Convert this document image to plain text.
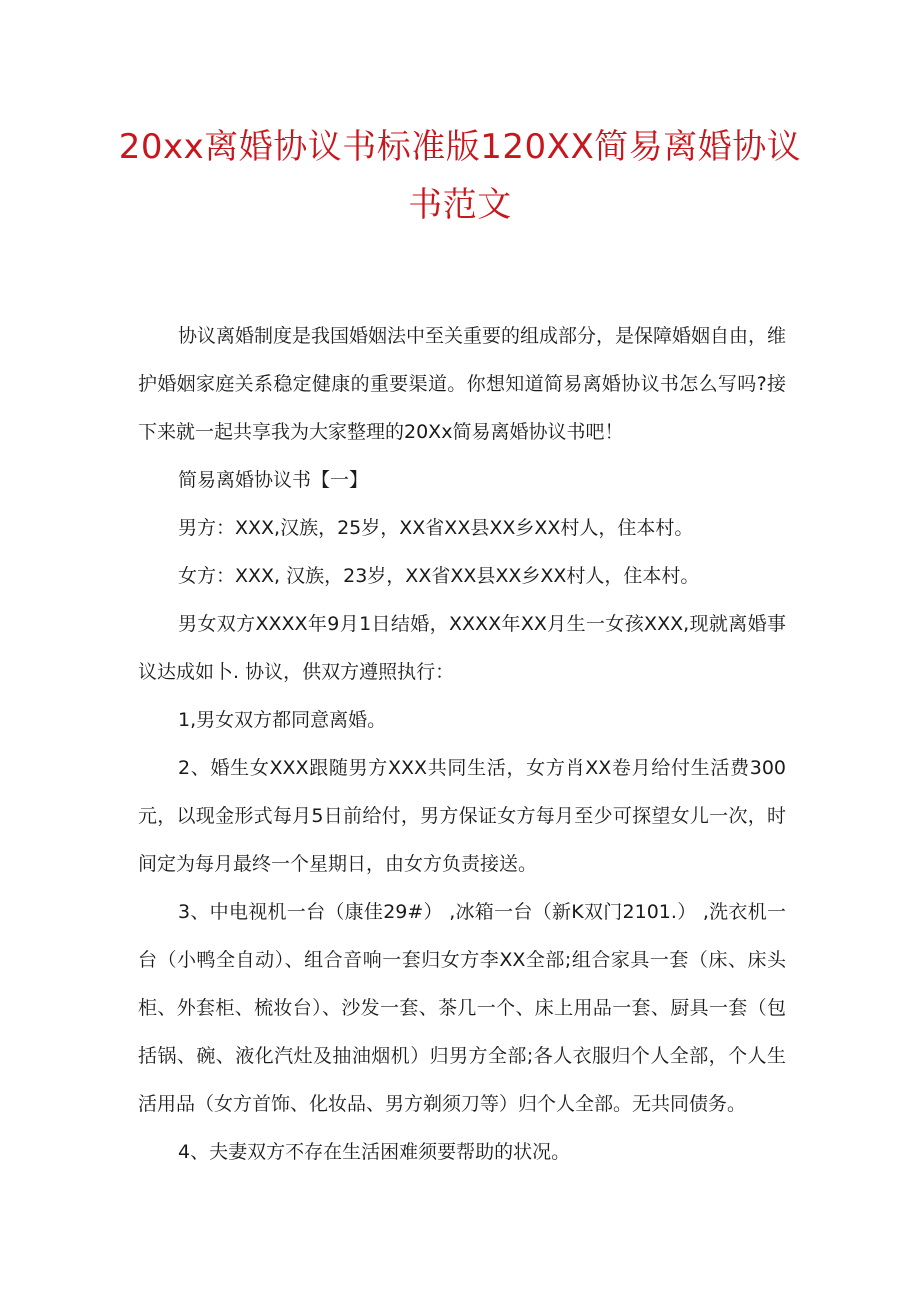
20xx离婚协议书标准版120XX简易离婚协议
书范文

协议离婚制度是我国婚姻法中至关重要的组成部分，是保障婚姻自由，维护婚姻家庭关系稳定健康的重要渠道。你想知道简易离婚协议书怎么写吗?接下来就一起共享我为大家整理的20Xx简易离婚协议书吧！

简易离婚协议书【一】

男方：XXX,汉族，25岁，XX省XX县XX乡XX村人，住本村。

女方：XXX, 汉族，23岁，XX省XX县XX乡XX村人，住本村。

男女双方XXXX年9月1日结婚，XXXX年XX月生一女孩XXX,现就离婚事议达成如卜. 协议，供双方遵照执行：

1,男女双方都同意离婚。

2、婚生女XXX跟随男方XXX共同生活，女方肖XX卷月给付生活费300元，以现金形式每月5日前给付，男方保证女方每月至少可探望女儿一次，时间定为每月最终一个星期日，由女方负责接送。

3、中电视机一台（康佳29#） ,冰箱一台（新K双门2101.） ,洗衣机一台（小鸭全自动）、组合音响一套归女方李XX全部;组合家具一套（床、床头柜、外套柜、梳妆台）、沙发一套、茶几一个、床上用品一套、厨具一套（包括锅、碗、液化汽灶及抽油烟机）归男方全部;各人衣服归个人全部，个人生活用品（女方首饰、化妆品、男方剃须刀等）归个人全部。无共同债务。

4、夫妻双方不存在生活困难须要帮助的状况。
